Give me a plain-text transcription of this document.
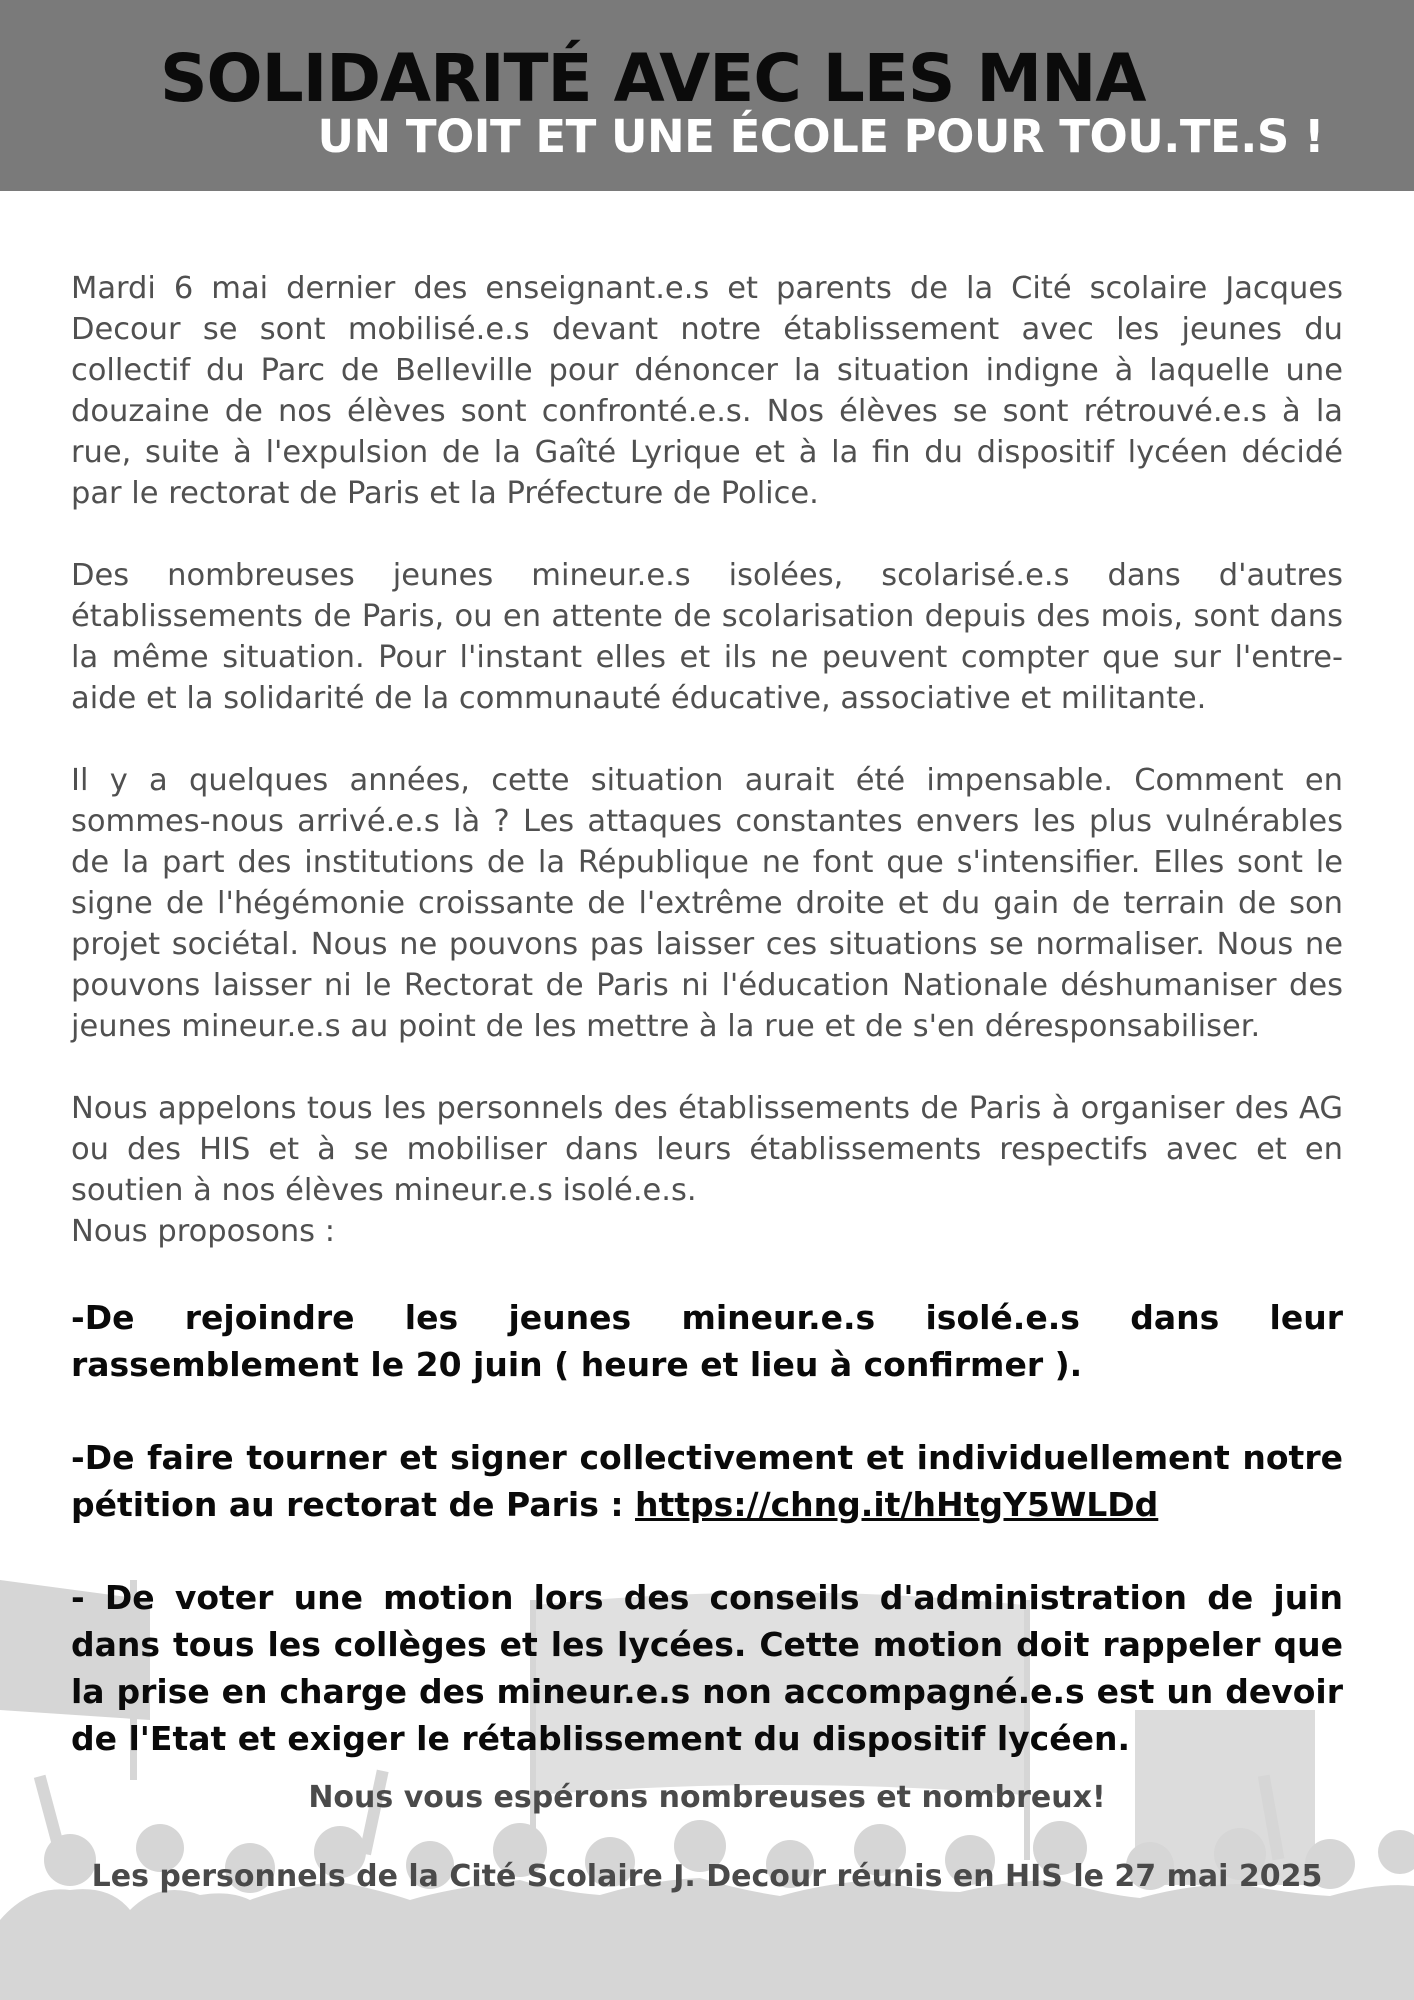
SOLIDARITÉ AVEC LES MNA
UN TOIT ET UNE ÉCOLE POUR TOU.TE.S !

Mardi 6 mai dernier des enseignant.e.s et parents de la Cité scolaire Jacques Decour se sont mobilisé.e.s devant notre établissement avec les jeunes du collectif du Parc de Belleville pour dénoncer la situation indigne à laquelle une douzaine de nos élèves sont confronté.e.s. Nos élèves se sont rétrouvé.e.s à la rue, suite à l'expulsion de la Gaîté Lyrique et à la fin du dispositif lycéen décidé par le rectorat de Paris et la Préfecture de Police.

Des nombreuses jeunes mineur.e.s isolées, scolarisé.e.s dans d'autres établissements de Paris, ou en attente de scolarisation depuis des mois, sont dans la même situation. Pour l'instant elles et ils ne peuvent compter que sur l'entre-aide et la solidarité de la communauté éducative, associative et militante.

Il y a quelques années, cette situation aurait été impensable. Comment en sommes-nous arrivé.e.s là ? Les attaques constantes envers les plus vulnérables de la part des institutions de la République ne font que s'intensifier. Elles sont le signe de l'hégémonie croissante de l'extrême droite et du gain de terrain de son projet sociétal. Nous ne pouvons pas laisser ces situations se normaliser. Nous ne pouvons laisser ni le Rectorat de Paris ni l'éducation Nationale déshumaniser des jeunes mineur.e.s au point de les mettre à la rue et de s'en déresponsabiliser.

Nous appelons tous les personnels des établissements de Paris à organiser des AG ou des HIS et à se mobiliser dans leurs établissements respectifs avec et en soutien à nos élèves mineur.e.s isolé.e.s.

Nous proposons :

-De rejoindre les jeunes mineur.e.s isolé.e.s dans leur rassemblement le 20 juin ( heure et lieu à confirmer ).

-De faire tourner et signer collectivement et individuellement notre pétition au rectorat de Paris : https://chng.it/hHtgY5WLDd

- De voter une motion lors des conseils d'administration de juin dans tous les collèges et les lycées. Cette motion doit rappeler que la prise en charge des mineur.e.s non accompagné.e.s est un devoir de l'Etat et exiger le rétablissement du dispositif lycéen.

Nous vous espérons nombreuses et nombreux!

Les personnels de la Cité Scolaire J. Decour réunis en HIS le 27 mai 2025
